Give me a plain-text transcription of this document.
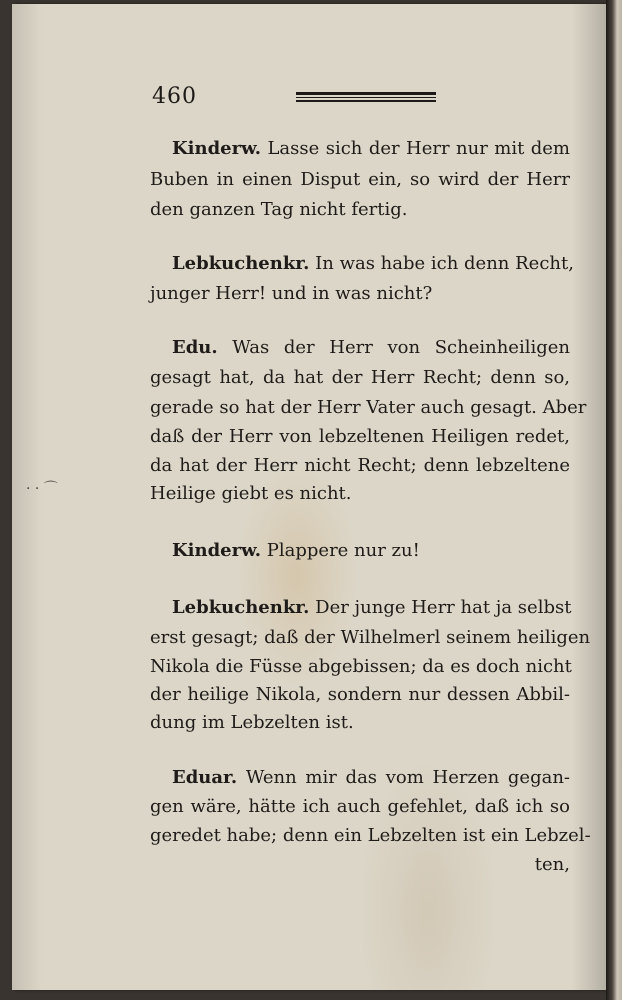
460
Kinderw. Lasse sich der Herr nur mit dem
Buben in einen Disput ein, so wird der Herr
den ganzen Tag nicht fertig.
Lebkuchenkr. In was habe ich denn Recht,
junger Herr! und in was nicht?
Edu. Was der Herr von Scheinheiligen
gesagt hat, da hat der Herr Recht; denn so,
gerade so hat der Herr Vater auch gesagt. Aber
daß der Herr von lebzeltenen Heiligen redet,
da hat der Herr nicht Recht; denn lebzeltene
Heilige giebt es nicht.
Kinderw. Plappere nur zu!
Lebkuchenkr. Der junge Herr hat ja selbst
erst gesagt; daß der Wilhelmerl seinem heiligen
Nikola die Füsse abgebissen; da es doch nicht
der heilige Nikola, sondern nur dessen Abbil-
dung im Lebzelten ist.
Eduar. Wenn mir das vom Herzen gegan-
gen wäre, hätte ich auch gefehlet, daß ich so
geredet habe; denn ein Lebzelten ist ein Lebzel-
ten,
· · ⌒
